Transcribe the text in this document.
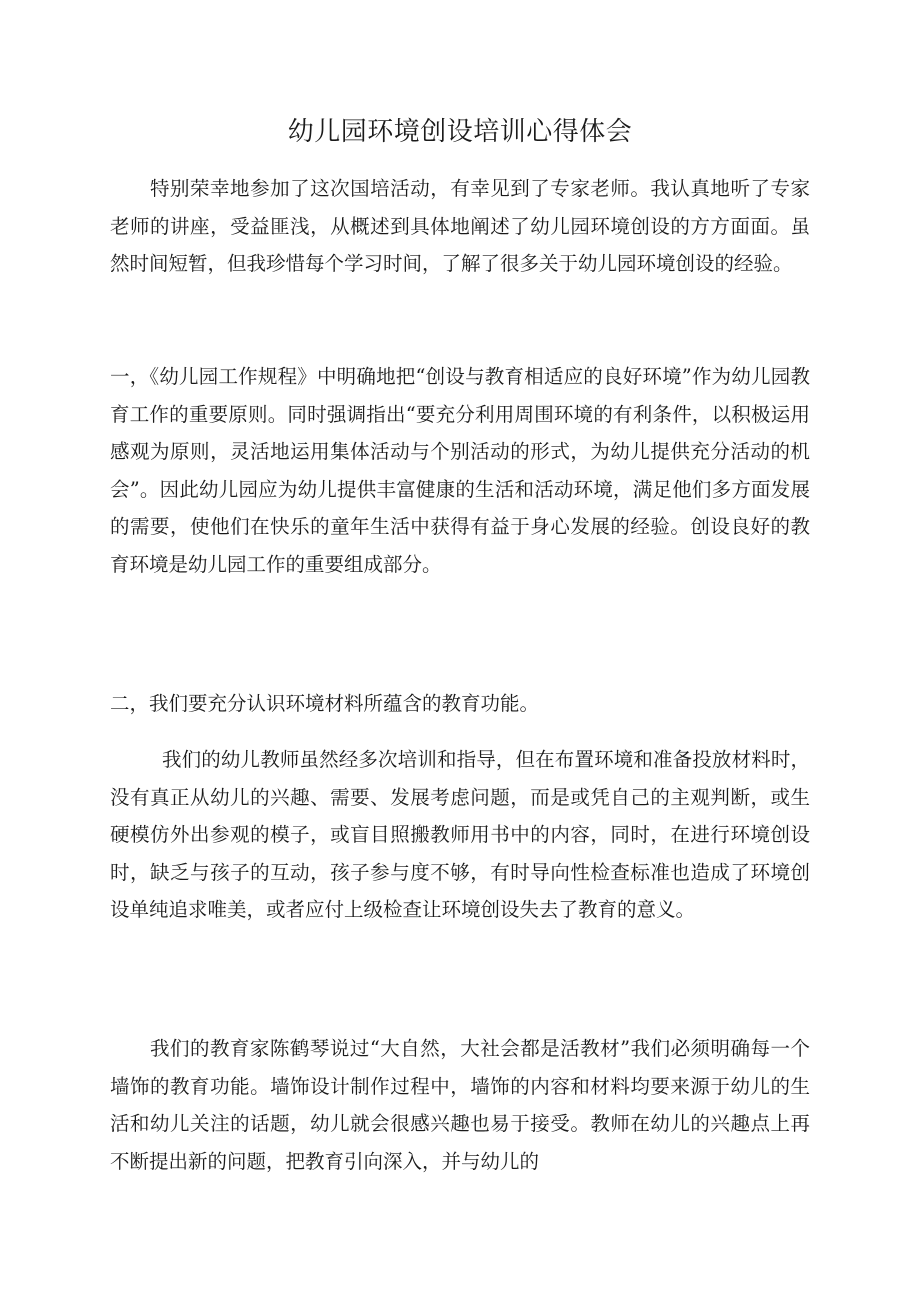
幼儿园环境创设培训心得体会

特别荣幸地参加了这次国培活动，有幸见到了专家老师。我认真地听了专家老师的讲座，受益匪浅，从概述到具体地阐述了幼儿园环境创设的方方面面。虽然时间短暂，但我珍惜每个学习时间，了解了很多关于幼儿园环境创设的经验。

一，《幼儿园工作规程》中明确地把“创设与教育相适应的良好环境”作为幼儿园教育工作的重要原则。同时强调指出“要充分利用周围环境的有利条件，以积极运用感观为原则，灵活地运用集体活动与个别活动的形式，为幼儿提供充分活动的机会”。因此幼儿园应为幼儿提供丰富健康的生活和活动环境，满足他们多方面发展的需要，使他们在快乐的童年生活中获得有益于身心发展的经验。创设良好的教育环境是幼儿园工作的重要组成部分。

二，我们要充分认识环境材料所蕴含的教育功能。

我们的幼儿教师虽然经多次培训和指导，但在布置环境和准备投放材料时，没有真正从幼儿的兴趣、需要、发展考虑问题，而是或凭自己的主观判断，或生硬模仿外出参观的模子，或盲目照搬教师用书中的内容，同时，在进行环境创设时，缺乏与孩子的互动，孩子参与度不够，有时导向性检查标准也造成了环境创设单纯追求唯美，或者应付上级检查让环境创设失去了教育的意义。

我们的教育家陈鹤琴说过“大自然，大社会都是活教材”我们必须明确每一个墙饰的教育功能。墙饰设计制作过程中，墙饰的内容和材料均要来源于幼儿的生活和幼儿关注的话题，幼儿就会很感兴趣也易于接受。教师在幼儿的兴趣点上再不断提出新的问题，把教育引向深入，并与幼儿的
